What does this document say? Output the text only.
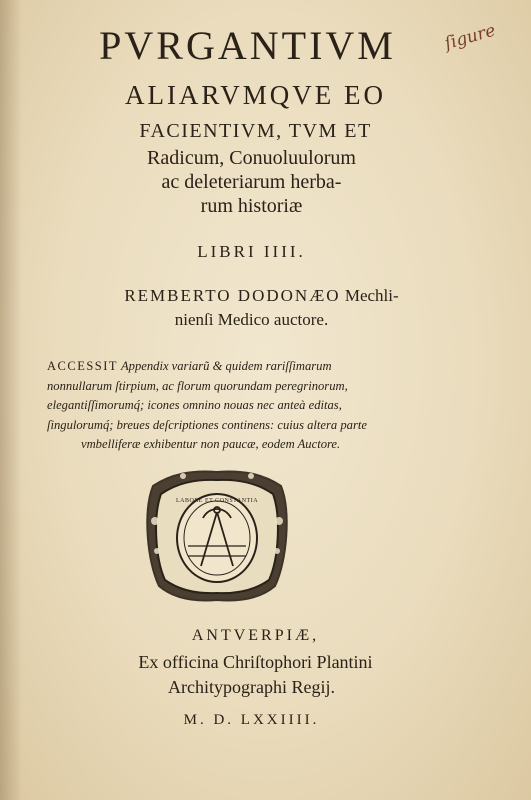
ſigure
PVRGANTIVM
ALIARVMQVE EO
FACIENTIVM, TVM ET
Radicum, Conuoluulorum
ac deleteriarum herba-
rum historiæ
LIBRI IIII.
REMBERTO DODONÆO Mechli-
nienſi Medico auctore.
ACCESSIT Appendix variarũ & quidem rariſſimarum
nonnullarum ſtirpium, ac florum quorundam peregrinorum,
elegantiſſimorumq́; icones omnino nouas nec anteà editas,
ſingulorumq́; breues deſcriptiones continens: cuius altera parte
vmbelliferæ exhibentur non paucæ, eodem Auctore.
LABORE ET CONSTANTIA
ANTVERPIÆ,
Ex officina Chriſtophori Plantini
Architypographi Regij.
M. D. LXXIIII.
